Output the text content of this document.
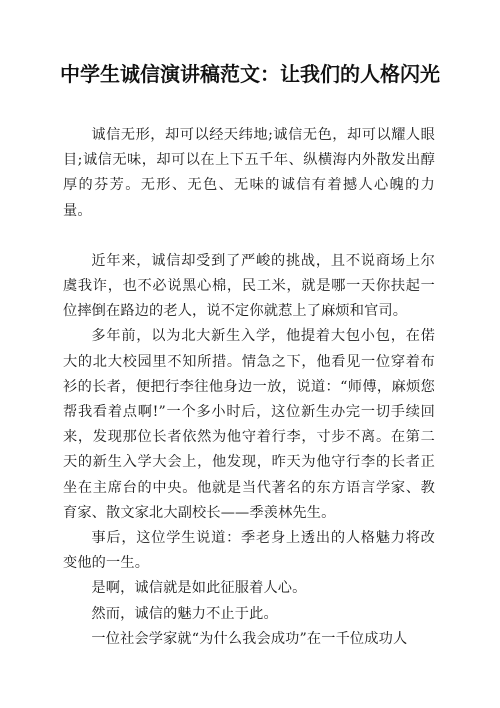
中学生诚信演讲稿范文：让我们的人格闪光

诚信无形，却可以经天纬地;诚信无色，却可以耀人眼目;诚信无味，却可以在上下五千年、纵横海内外散发出醇厚的芬芳。无形、无色、无味的诚信有着撼人心魄的力量。

近年来，诚信却受到了严峻的挑战，且不说商场上尔虞我诈，也不必说黑心棉，民工米，就是哪一天你扶起一位摔倒在路边的老人，说不定你就惹上了麻烦和官司。

多年前，以为北大新生入学，他提着大包小包，在偌大的北大校园里不知所措。情急之下，他看见一位穿着布衫的长者，便把行李往他身边一放，说道：“师傅，麻烦您帮我看着点啊!”一个多小时后，这位新生办完一切手续回来，发现那位长者依然为他守着行李，寸步不离。在第二天的新生入学大会上，他发现，昨天为他守行李的长者正坐在主席台的中央。他就是当代著名的东方语言学家、教育家、散文家北大副校长——季羡林先生。

事后，这位学生说道：季老身上透出的人格魅力将改变他的一生。

是啊，诚信就是如此征服着人心。

然而，诚信的魅力不止于此。

一位社会学家就“为什么我会成功”在一千位成功人
